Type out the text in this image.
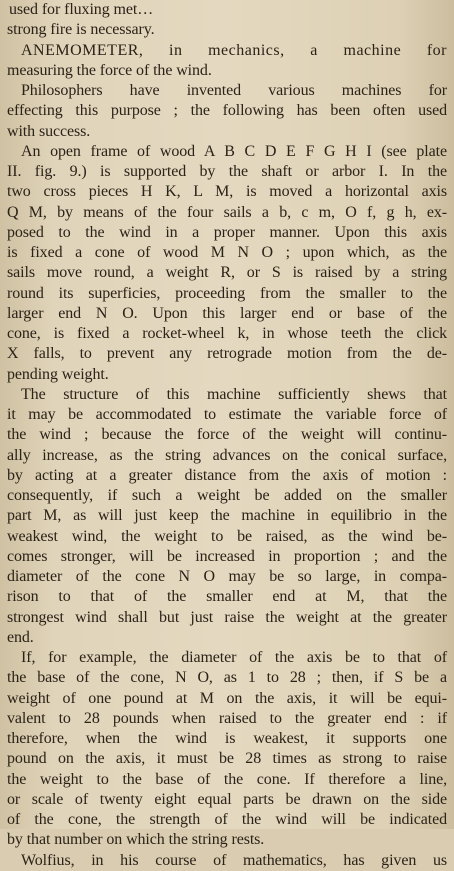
used for fluxing met…
strong fire is necessary.
ANEMOMETER, in mechanics, a machine for
measuring the force of the wind.
Philosophers have invented various machines for
effecting this purpose ; the following has been often used
with success.
An open frame of wood A B C D E F G H I (see plate
II. fig. 9.) is supported by the shaft or arbor I. In the
two cross pieces H K, L M, is moved a horizontal axis
Q M, by means of the four sails a b, c m, O f, g h, ex-
posed to the wind in a proper manner. Upon this axis
is fixed a cone of wood M N O ; upon which, as the
sails move round, a weight R, or S is raised by a string
round its superficies, proceeding from the smaller to the
larger end N O. Upon this larger end or base of the
cone, is fixed a rocket-wheel k, in whose teeth the click
X falls, to prevent any retrograde motion from the de-
pending weight.
The structure of this machine sufficiently shews that
it may be accommodated to estimate the variable force of
the wind ; because the force of the weight will continu-
ally increase, as the string advances on the conical surface,
by acting at a greater distance from the axis of motion :
consequently, if such a weight be added on the smaller
part M, as will just keep the machine in equilibrio in the
weakest wind, the weight to be raised, as the wind be-
comes stronger, will be increased in proportion ; and the
diameter of the cone N O may be so large, in compa-
rison to that of the smaller end at M, that the
strongest wind shall but just raise the weight at the greater
end.
If, for example, the diameter of the axis be to that of
the base of the cone, N O, as 1 to 28 ; then, if S be a
weight of one pound at M on the axis, it will be equi-
valent to 28 pounds when raised to the greater end : if
therefore, when the wind is weakest, it supports one
pound on the axis, it must be 28 times as strong to raise
the weight to the base of the cone. If therefore a line,
or scale of twenty eight equal parts be drawn on the side
of the cone, the strength of the wind will be indicated
by that number on which the string rests.
Wolfius, in his course of mathematics, has given us
